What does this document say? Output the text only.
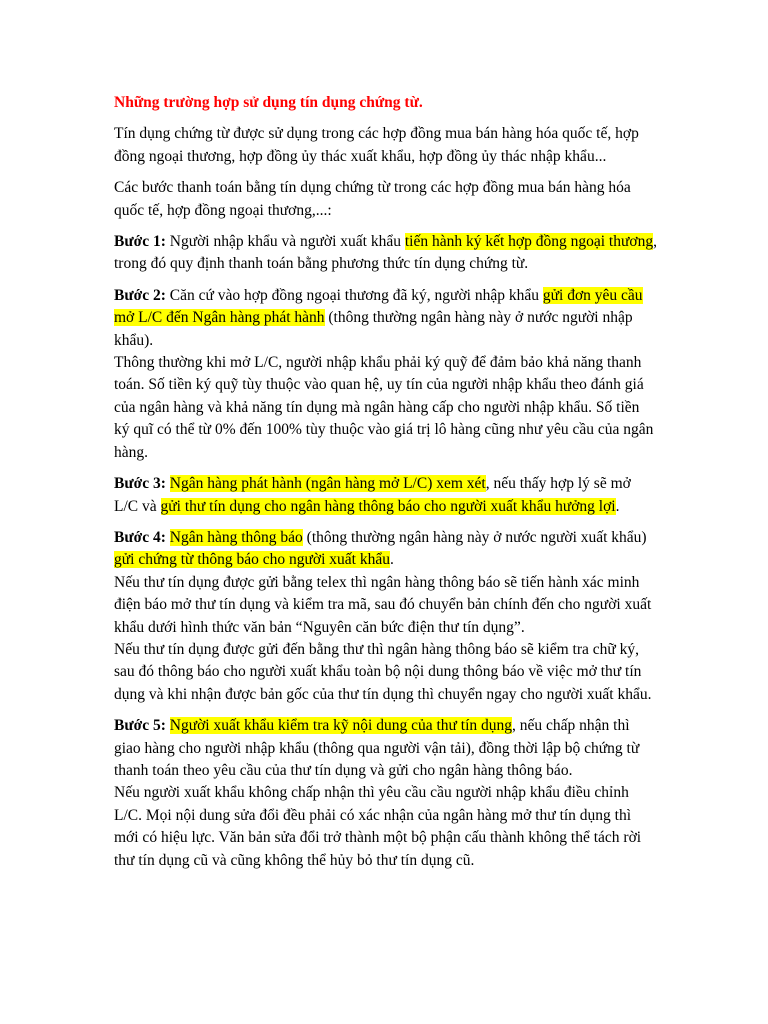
Những trường hợp sử dụng tín dụng chứng từ.

Tín dụng chứng từ được sử dụng trong các hợp đồng mua bán hàng hóa quốc tế, hợp đồng ngoại thương, hợp đồng ủy thác xuất khẩu, hợp đồng ủy thác nhập khẩu...

Các bước thanh toán bằng tín dụng chứng từ trong các hợp đồng mua bán hàng hóa quốc tế, hợp đồng ngoại thương,...:

Bước 1: Người nhập khẩu và người xuất khẩu tiến hành ký kết hợp đồng ngoại thương, trong đó quy định thanh toán bằng phương thức tín dụng chứng từ.

Bước 2: Căn cứ vào hợp đồng ngoại thương đã ký, người nhập khẩu gửi đơn yêu cầu mở L/C đến Ngân hàng phát hành (thông thường ngân hàng này ở nước người nhập khẩu).
Thông thường khi mở L/C, người nhập khẩu phải ký quỹ để đảm bảo khả năng thanh toán. Số tiền ký quỹ tùy thuộc vào quan hệ, uy tín của người nhập khẩu theo đánh giá của ngân hàng và khả năng tín dụng mà ngân hàng cấp cho người nhập khẩu. Số tiền ký quĩ có thể từ 0% đến 100% tùy thuộc vào giá trị lô hàng cũng như yêu cầu của ngân hàng.

Bước 3: Ngân hàng phát hành (ngân hàng mở L/C) xem xét, nếu thấy hợp lý sẽ mở L/C và gửi thư tín dụng cho ngân hàng thông báo cho người xuất khẩu hưởng lợi.

Bước 4: Ngân hàng thông báo (thông thường ngân hàng này ở nước người xuất khẩu) gửi chứng từ thông báo cho người xuất khẩu.
Nếu thư tín dụng được gửi bằng telex thì ngân hàng thông báo sẽ tiến hành xác minh điện báo mở thư tín dụng và kiểm tra mã, sau đó chuyển bản chính đến cho người xuất khẩu dưới hình thức văn bản “Nguyên căn bức điện thư tín dụng”.
Nếu thư tín dụng được gửi đến bằng thư thì ngân hàng thông báo sẽ kiểm tra chữ ký, sau đó thông báo cho người xuất khẩu toàn bộ nội dung thông báo về việc mở thư tín dụng và khi nhận được bản gốc của thư tín dụng thì chuyển ngay cho người xuất khẩu.

Bước 5: Người xuất khẩu kiểm tra kỹ nội dung của thư tín dụng, nếu chấp nhận thì giao hàng cho người nhập khẩu (thông qua người vận tải), đồng thời lập bộ chứng từ thanh toán theo yêu cầu của thư tín dụng và gửi cho ngân hàng thông báo.
Nếu người xuất khẩu không chấp nhận thì yêu cầu cầu người nhập khẩu điều chỉnh L/C. Mọi nội dung sửa đổi đều phải có xác nhận của ngân hàng mở thư tín dụng thì mới có hiệu lực. Văn bản sửa đổi trở thành một bộ phận cấu thành không thể tách rời thư tín dụng cũ và cũng không thể hủy bỏ thư tín dụng cũ.
